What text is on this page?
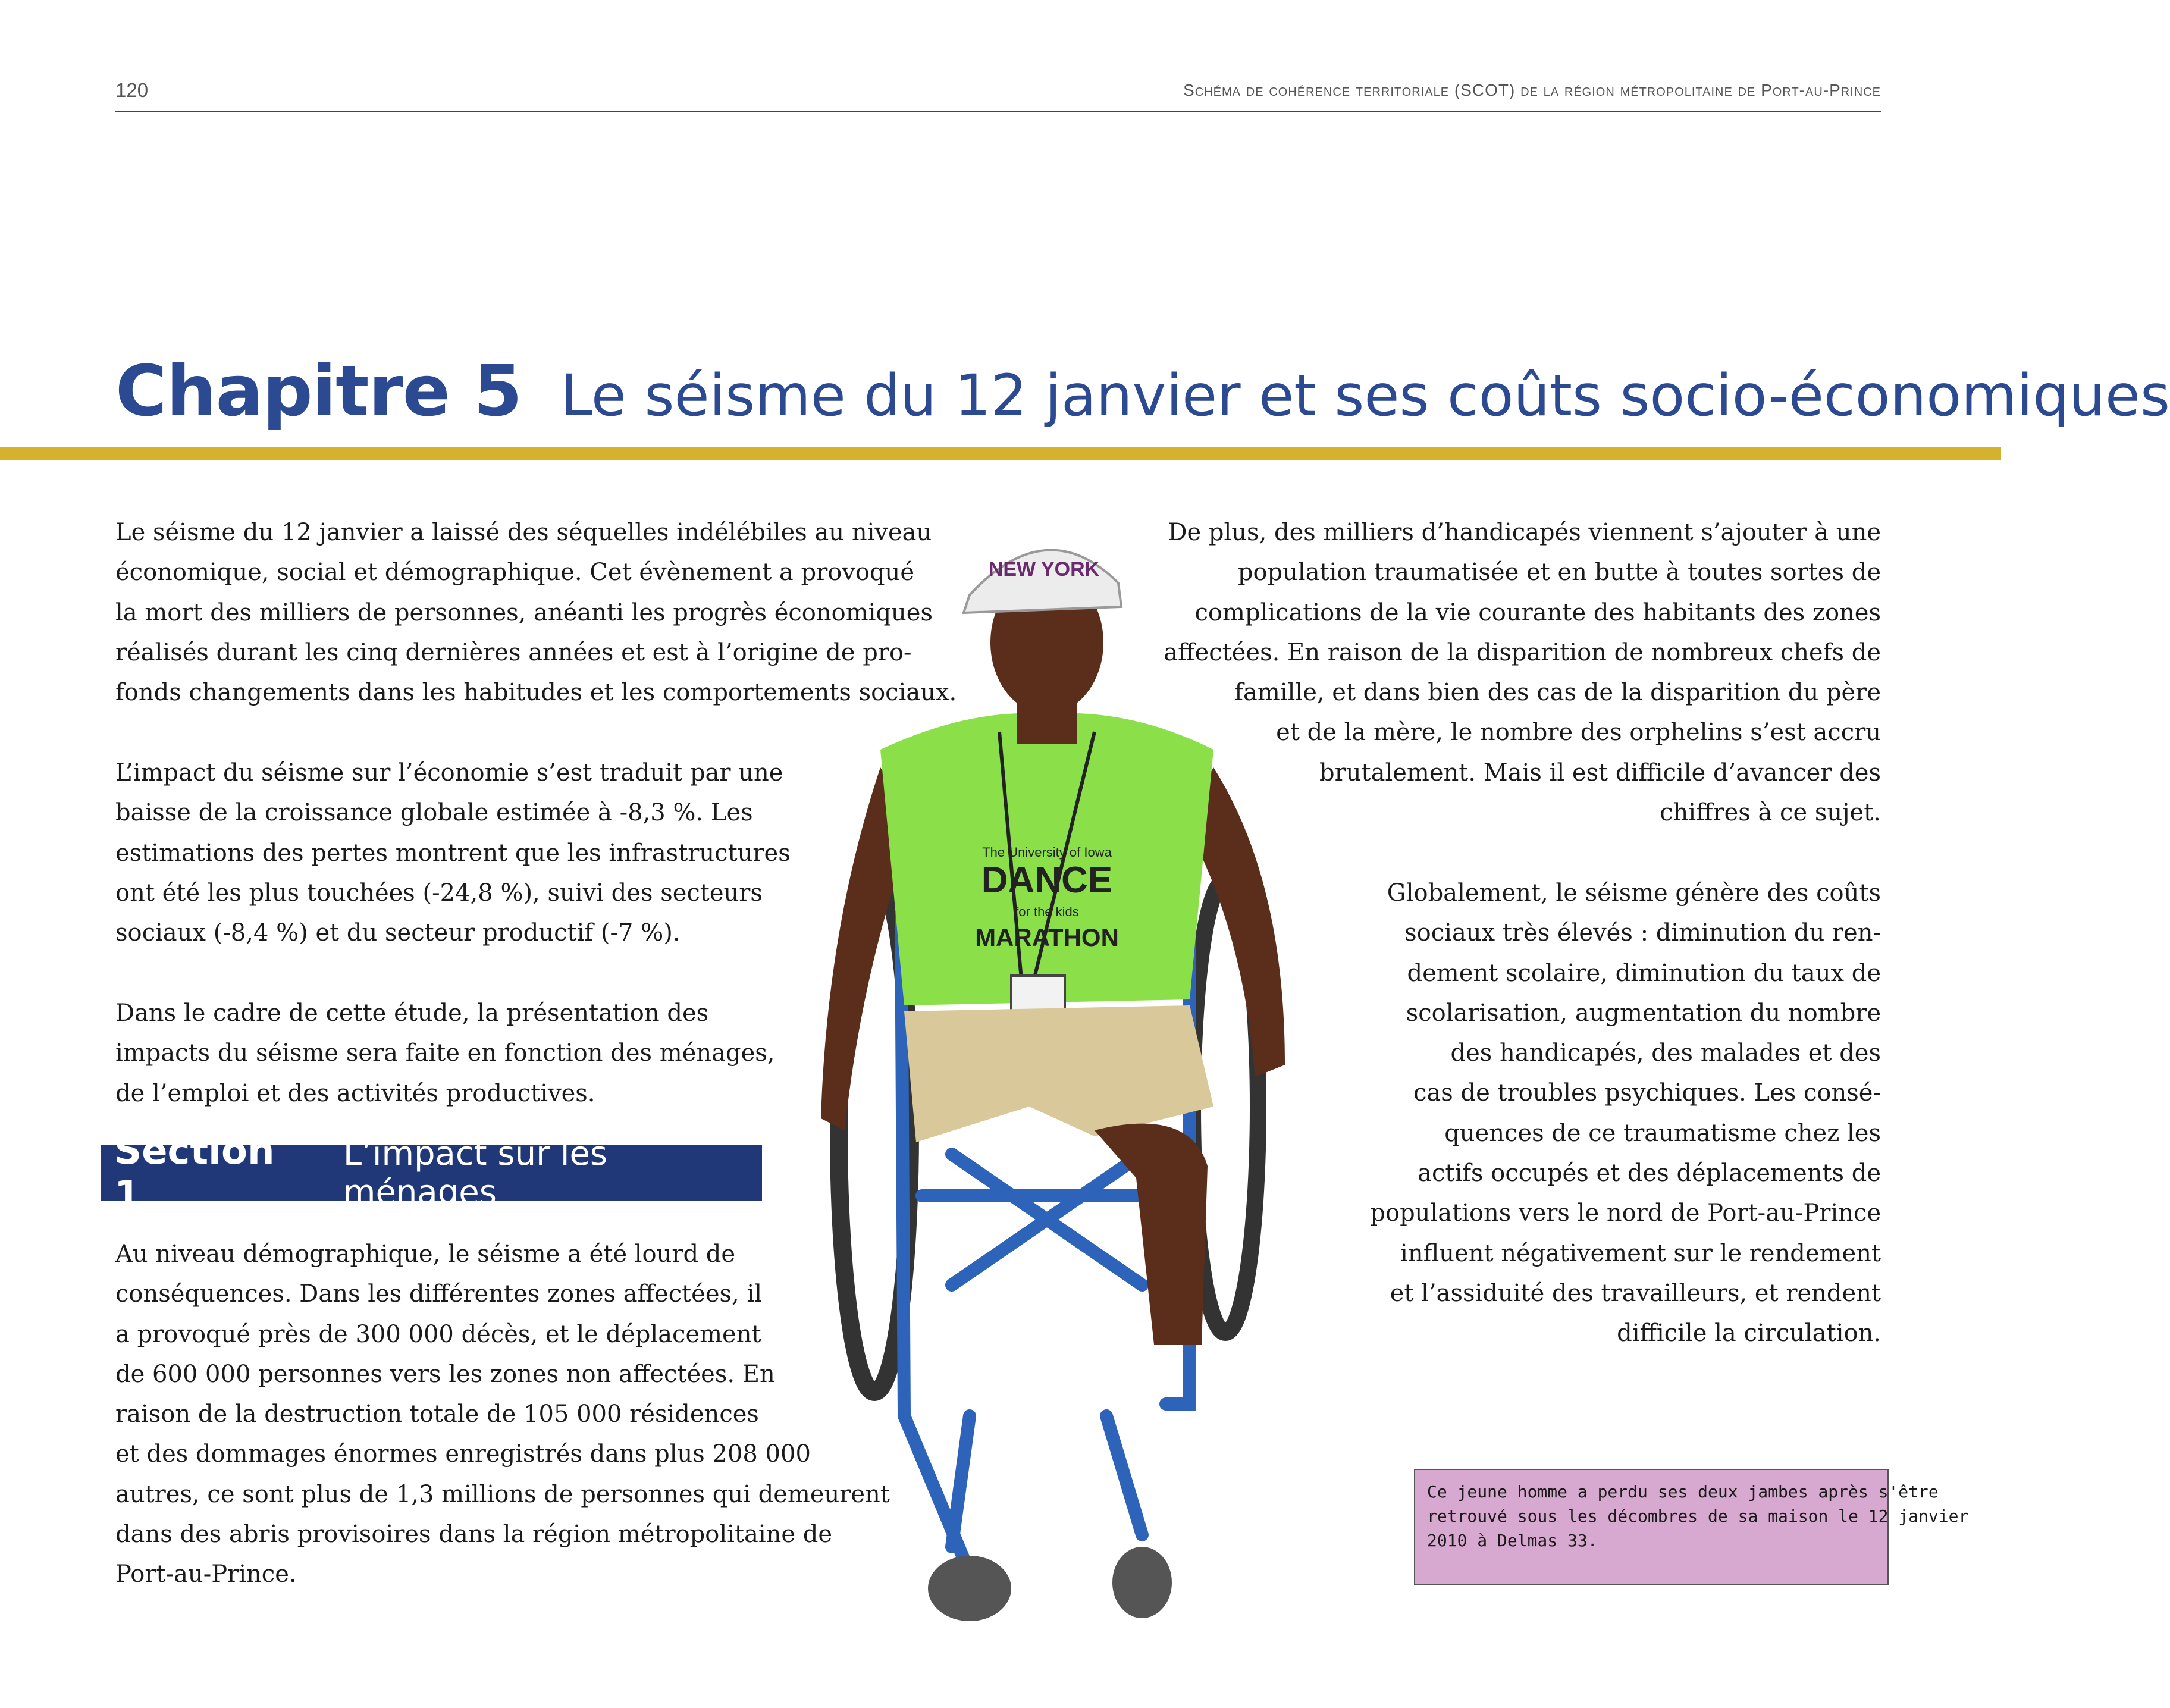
120	Schéma de cohérence territoriale (SCOT) de la région métropolitaine de Port-au-Prince
Chapitre 5 Le séisme du 12 janvier et ses coûts socio-économiques

Le séisme du 12 janvier a laissé des séquelles indélébiles au niveau
économique, social et démographique. Cet évènement a provoqué
la mort des milliers de personnes, anéanti les progrès économiques
réalisés durant les cinq dernières années et est à l’origine de pro-
fonds changements dans les habitudes et les comportements sociaux.

L’impact du séisme sur l’économie s’est traduit par une
baisse de la croissance globale estimée à -8,3 %. Les
estimations des pertes montrent que les infrastructures
ont été les plus touchées (-24,8 %), suivi des secteurs
sociaux (-8,4 %) et du secteur productif (-7 %).

Dans le cadre de cette étude, la présentation des
impacts du séisme sera faite en fonction des ménages,
de l’emploi et des activités productives.

Section 1
L’impact sur les ménages

Au niveau démographique, le séisme a été lourd de
conséquences. Dans les différentes zones affectées, il
a provoqué près de 300 000 décès, et le déplacement
de 600 000 personnes vers les zones non affectées. En
raison de la destruction totale de 105 000 résidences
et des dommages énormes enregistrés dans plus 208 000
autres, ce sont plus de 1,3 millions de personnes qui demeurent
dans des abris provisoires dans la région métropolitaine de
Port-au-Prince.

De plus, des milliers d’handicapés viennent s’ajouter à une
population traumatisée et en butte à toutes sortes de
complications de la vie courante des habitants des zones
affectées. En raison de la disparition de nombreux chefs de
famille, et dans bien des cas de la disparition du père
et de la mère, le nombre des orphelins s’est accru
brutalement. Mais il est difficile d’avancer des
chiffres à ce sujet.

Globalement, le séisme génère des coûts
sociaux très élevés : diminution du ren-
dement scolaire, diminution du taux de
scolarisation, augmentation du nombre
des handicapés, des malades et des
cas de troubles psychiques. Les consé-
quences de ce traumatisme chez les
actifs occupés et des déplacements de
populations vers le nord de Port-au-Prince
influent négativement sur le rendement
et l’assiduité des travailleurs, et rendent
difficile la circulation.

The University of Iowa
DANCE
for the kids
MARATHON
NEW YORK
Ce jeune homme a perdu ses deux jambes après s'être
retrouvé sous les décombres de sa maison le 12 janvier
2010 à Delmas 33.
